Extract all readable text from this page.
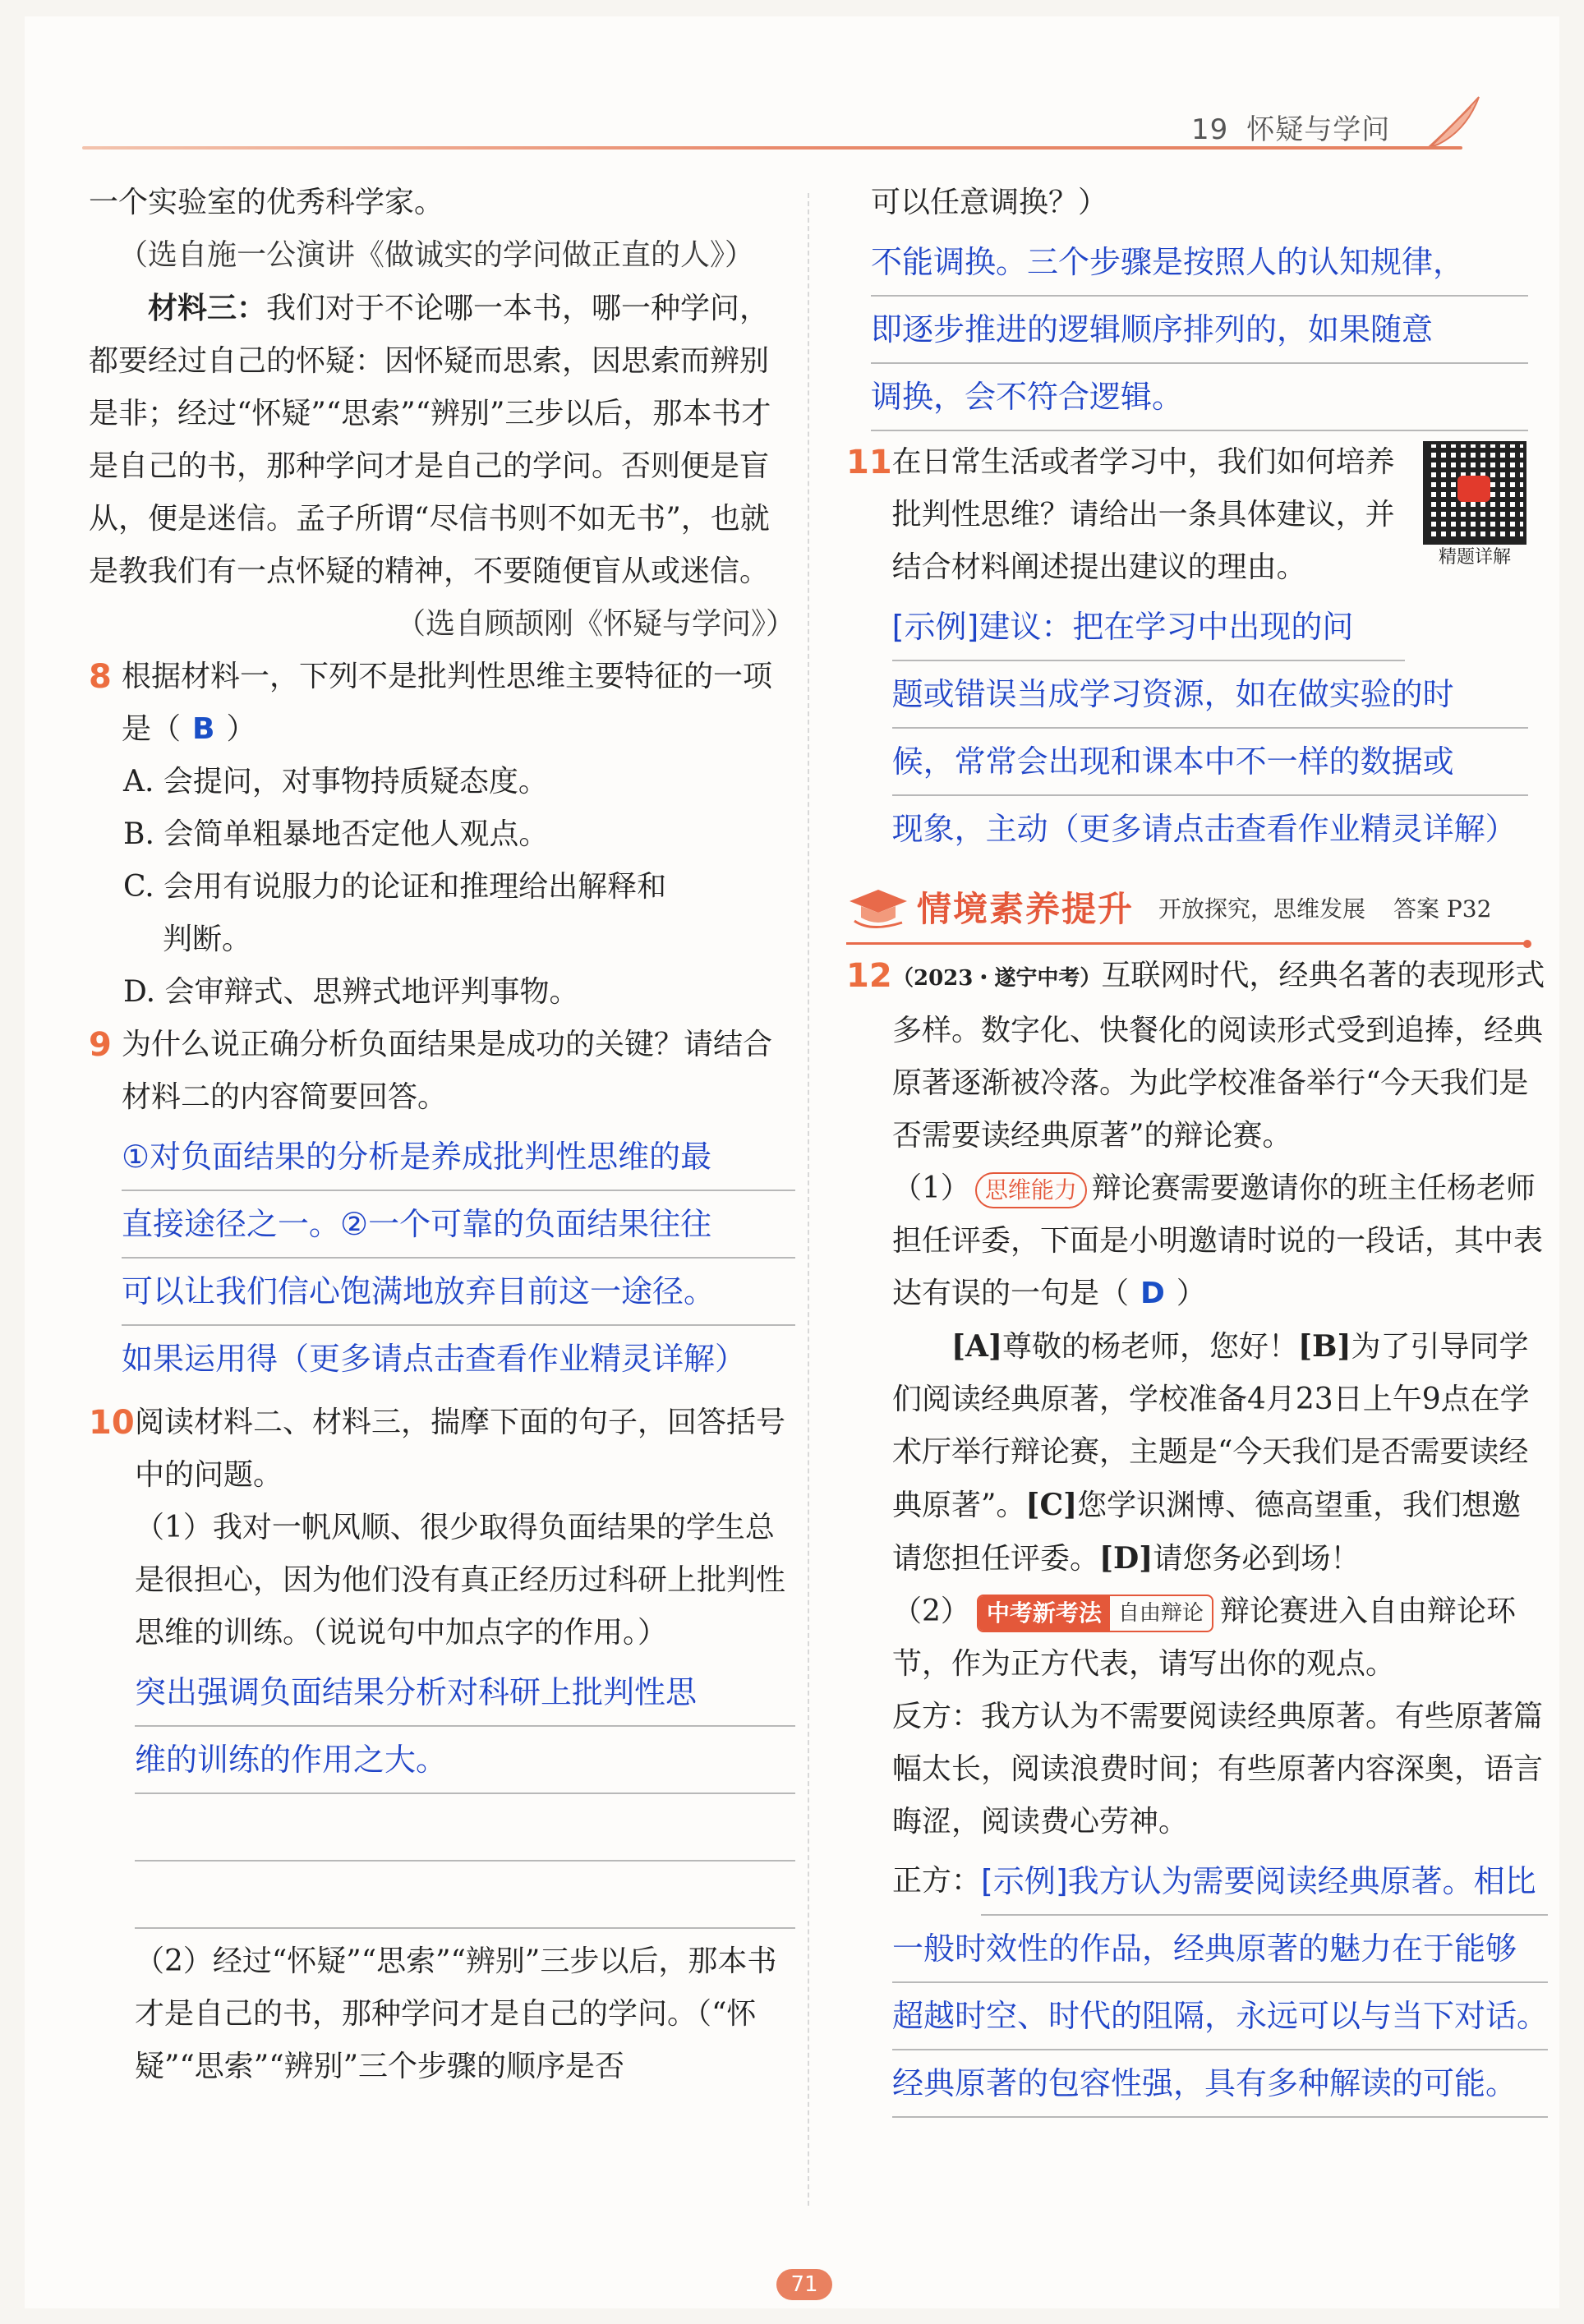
19 怀疑与学问

一个实验室的优秀科学家。

（选自施一公演讲《做诚实的学问做正直的人》）

材料三：我们对于不论哪一本书，哪一种学问，都要经过自己的怀疑：因怀疑而思索，因思索而辨别是非；经过“怀疑”“思索”“辨别”三步以后，那本书才是自己的书，那种学问才是自己的学问。否则便是盲从，便是迷信。孟子所谓“尽信书则不如无书”，也就是教我们有一点怀疑的精神，不要随便盲从或迷信。

（选自顾颉刚《怀疑与学问》）

8 根据材料一，下列不是批判性思维主要特征的一项是（ B ）

A. 会提问，对事物持质疑态度。

B. 会简单粗暴地否定他人观点。

C. 会用有说服力的论证和推理给出解释和

判断。

D. 会审辩式、思辨式地评判事物。

9 为什么说正确分析负面结果是成功的关键？请结合材料二的内容简要回答。

①对负面结果的分析是养成批判性思维的最
直接途径之一。②一个可靠的负面结果往往
可以让我们信心饱满地放弃目前这一途径。
如果运用得（更多请点击查看作业精灵详解）
10 阅读材料二、材料三，揣摩下面的句子，回答括号中的问题。

（1）我对一帆风顺、很少取得负面结果的学生总是很担心，因为他们没有真正经历过科研上批判性思维的训练。（说说句中加点字的作用。）

突出强调负面结果分析对科研上批判性思
维的训练的作用之大。

（2）经过“怀疑”“思索”“辨别”三步以后，那本书才是自己的书，那种学问才是自己的学问。（“怀疑”“思索”“辨别”三个步骤的顺序是否

可以任意调换？）

不能调换。三个步骤是按照人的认知规律，
即逐步推进的逻辑顺序排列的，如果随意
调换，会不符合逻辑。
11
精题详解

在日常生活或者学习中，我们如何培养批判性思维？请给出一条具体建议，并结合材料阐述提出建议的理由。

[示例]建议：把在学习中出现的问
题或错误当成学习资源，如在做实验的时
候，常常会出现和课本中不一样的数据或
现象，主动（更多请点击查看作业精灵详解）
情境素养提升 开放探究，思维发展 答案 P32
12 （2023・遂宁中考）互联网时代，经典名著的表现形式多样。数字化、快餐化的阅读形式受到追捧，经典原著逐渐被冷落。为此学校准备举行“今天我们是否需要读经典原著”的辩论赛。

（1） 思维能力 辩论赛需要邀请你的班主任杨老师担任评委，下面是小明邀请时说的一段话，其中表达有误的一句是（ D ）

[A]尊敬的杨老师，您好！[B]为了引导同学们阅读经典原著，学校准备4月23日上午9点在学术厅举行辩论赛，主题是“今天我们是否需要读经典原著”。[C]您学识渊博、德高望重，我们想邀请您担任评委。[D]请您务必到场！

（2） 中考新考法 自由辩论 辩论赛进入自由辩论环节，作为正方代表，请写出你的观点。

反方：我方认为不需要阅读经典原著。有些原著篇幅太长，阅读浪费时间；有些原著内容深奥，语言晦涩，阅读费心劳神。

正方： [示例]我方认为需要阅读经典原著。相比
一般时效性的作品，经典原著的魅力在于能够
超越时空、时代的阻隔，永远可以与当下对话。
经典原著的包容性强，具有多种解读的可能。
71
